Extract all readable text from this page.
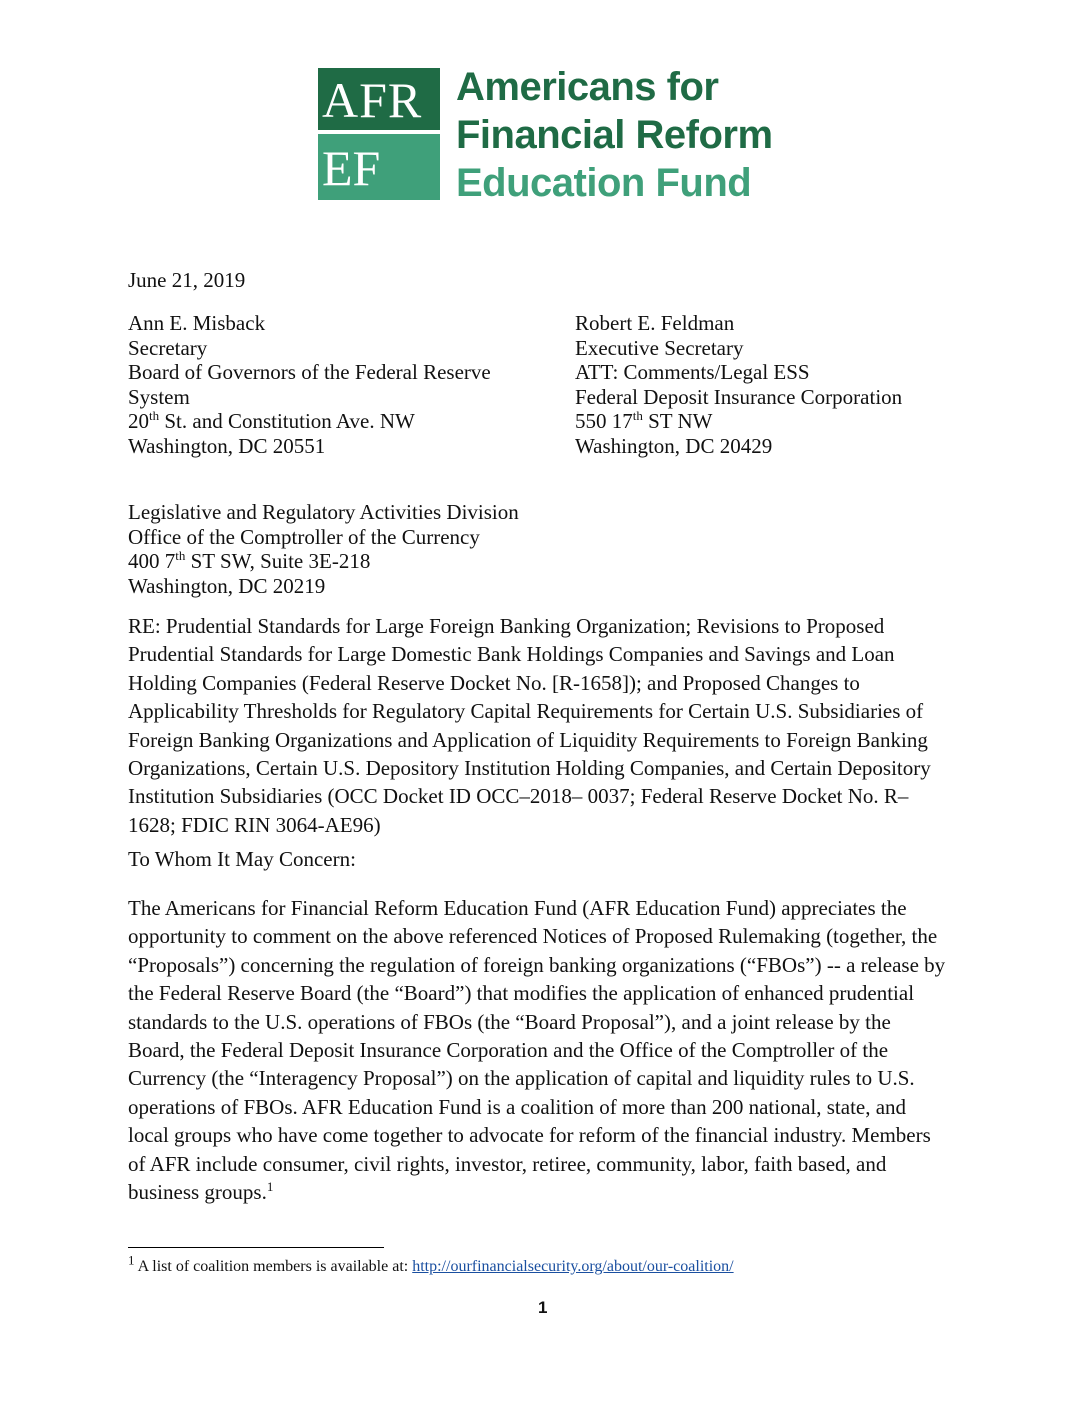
AFR
EF
Americans for
Financial Reform
Education Fund
June 21, 2019
Ann E. Misback
Secretary
Board of Governors of the Federal Reserve
System
20th St. and Constitution Ave. NW
Washington, DC 20551
Robert E. Feldman
Executive Secretary
ATT: Comments/Legal ESS
Federal Deposit Insurance Corporation
550 17th ST NW
Washington, DC 20429
Legislative and Regulatory Activities Division
Office of the Comptroller of the Currency
400 7th ST SW, Suite 3E-218
Washington, DC 20219
RE: Prudential Standards for Large Foreign Banking Organization; Revisions to Proposed
Prudential Standards for Large Domestic Bank Holdings Companies and Savings and Loan
Holding Companies (Federal Reserve Docket No. [R-1658]); and Proposed Changes to
Applicability Thresholds for Regulatory Capital Requirements for Certain U.S. Subsidiaries of
Foreign Banking Organizations and Application of Liquidity Requirements to Foreign Banking
Organizations, Certain U.S. Depository Institution Holding Companies, and Certain Depository
Institution Subsidiaries (OCC Docket ID OCC–2018– 0037; Federal Reserve Docket No. R–
1628; FDIC RIN 3064-AE96)
To Whom It May Concern:
The Americans for Financial Reform Education Fund (AFR Education Fund) appreciates the
opportunity to comment on the above referenced Notices of Proposed Rulemaking (together, the
“Proposals”) concerning the regulation of foreign banking organizations (“FBOs”) -- a release by
the Federal Reserve Board (the “Board”) that modifies the application of enhanced prudential
standards to the U.S. operations of FBOs (the “Board Proposal”), and a joint release by the
Board, the Federal Deposit Insurance Corporation and the Office of the Comptroller of the
Currency (the “Interagency Proposal”) on the application of capital and liquidity rules to U.S.
operations of FBOs. AFR Education Fund is a coalition of more than 200 national, state, and
local groups who have come together to advocate for reform of the financial industry. Members
of AFR include consumer, civil rights, investor, retiree, community, labor, faith based, and
business groups.$^1$
$^1$ A list of coalition members is available at: http://ourfinancialsecurity.org/about/our-coalition/
1
